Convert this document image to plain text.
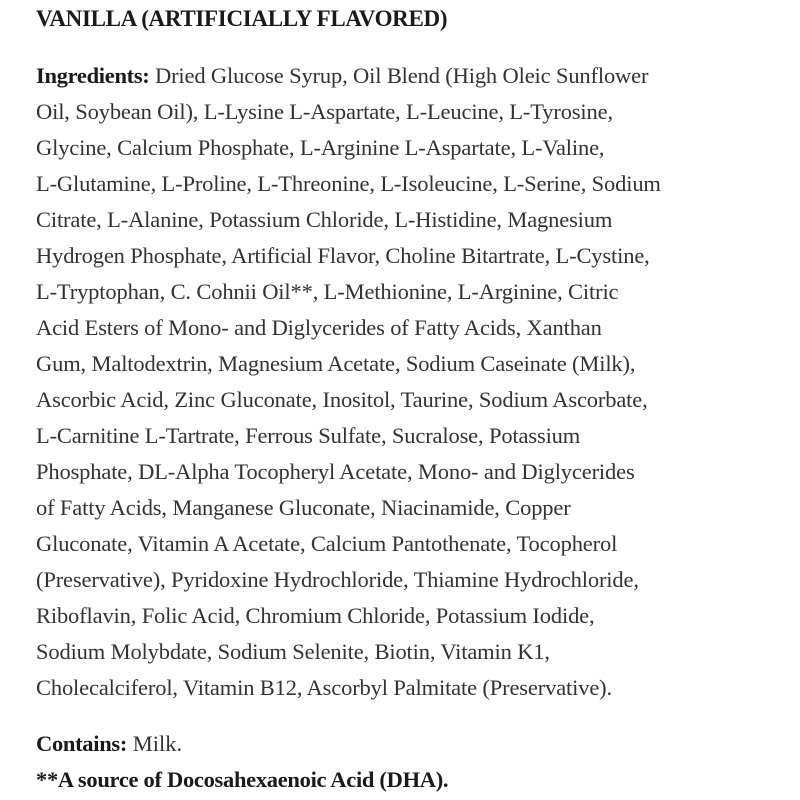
VANILLA (ARTIFICIALLY FLAVORED)
Ingredients: Dried Glucose Syrup, Oil Blend (High Oleic Sunflower
Oil, Soybean Oil), L-Lysine L-Aspartate, L-Leucine, L-Tyrosine,
Glycine, Calcium Phosphate, L-Arginine L-Aspartate, L-Valine,
L-Glutamine, L-Proline, L-Threonine, L-Isoleucine, L-Serine, Sodium
Citrate, L-Alanine, Potassium Chloride, L-Histidine, Magnesium
Hydrogen Phosphate, Artificial Flavor, Choline Bitartrate, L-Cystine,
L-Tryptophan, C. Cohnii Oil**, L-Methionine, L-Arginine, Citric
Acid Esters of Mono- and Diglycerides of Fatty Acids, Xanthan
Gum, Maltodextrin, Magnesium Acetate, Sodium Caseinate (Milk),
Ascorbic Acid, Zinc Gluconate, Inositol, Taurine, Sodium Ascorbate,
L-Carnitine L-Tartrate, Ferrous Sulfate, Sucralose, Potassium
Phosphate, DL-Alpha Tocopheryl Acetate, Mono- and Diglycerides
of Fatty Acids, Manganese Gluconate, Niacinamide, Copper
Gluconate, Vitamin A Acetate, Calcium Pantothenate, Tocopherol
(Preservative), Pyridoxine Hydrochloride, Thiamine Hydrochloride,
Riboflavin, Folic Acid, Chromium Chloride, Potassium Iodide,
Sodium Molybdate, Sodium Selenite, Biotin, Vitamin K1,
Cholecalciferol, Vitamin B12, Ascorbyl Palmitate (Preservative).

Contains: Milk.

**A source of Docosahexaenoic Acid (DHA).
